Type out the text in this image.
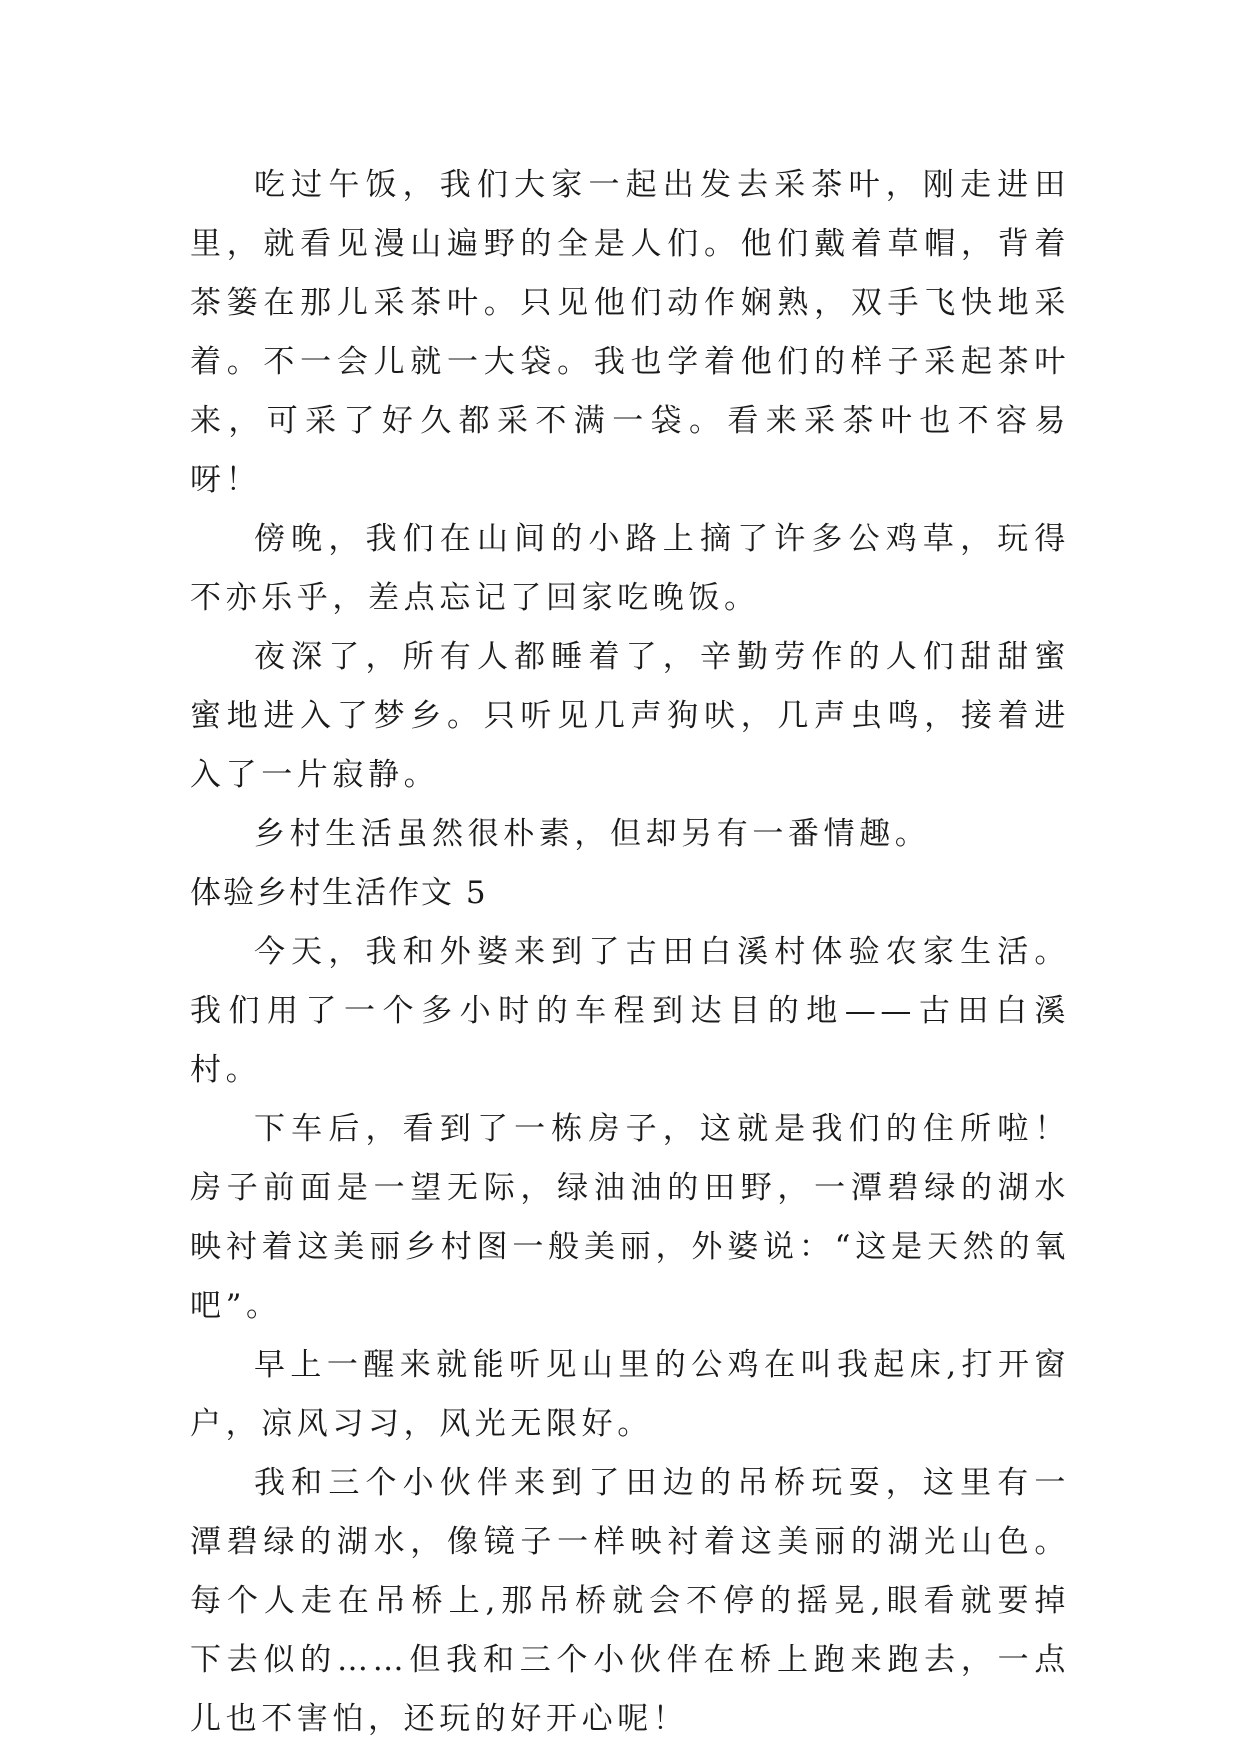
吃过午饭，我们大家一起出发去采茶叶，刚走进田里，就看见漫山遍野的全是人们。他们戴着草帽，背着茶篓在那儿采茶叶。只见他们动作娴熟，双手飞快地采着。不一会儿就一大袋。我也学着他们的样子采起茶叶来，可采了好久都采不满一袋。看来采茶叶也不容易呀！

傍晚，我们在山间的小路上摘了许多公鸡草，玩得不亦乐乎，差点忘记了回家吃晚饭。

夜深了，所有人都睡着了，辛勤劳作的人们甜甜蜜蜜地进入了梦乡。只听见几声狗吠，几声虫鸣，接着进入了一片寂静。

乡村生活虽然很朴素，但却另有一番情趣。

体验乡村生活作文 5

今天，我和外婆来到了古田白溪村体验农家生活。我们用了一个多小时的车程到达目的地——古田白溪村。

下车后，看到了一栋房子，这就是我们的住所啦！房子前面是一望无际，绿油油的田野，一潭碧绿的湖水映衬着这美丽乡村图一般美丽，外婆说：“这是天然的氧吧”。

早上一醒来就能听见山里的公鸡在叫我起床,打开窗户，凉风习习，风光无限好。

我和三个小伙伴来到了田边的吊桥玩耍，这里有一潭碧绿的湖水，像镜子一样映衬着这美丽的湖光山色。每个人走在吊桥上,那吊桥就会不停的摇晃,眼看就要掉下去似的……但我和三个小伙伴在桥上跑来跑去，一点儿也不害怕，还玩的好开心呢！
